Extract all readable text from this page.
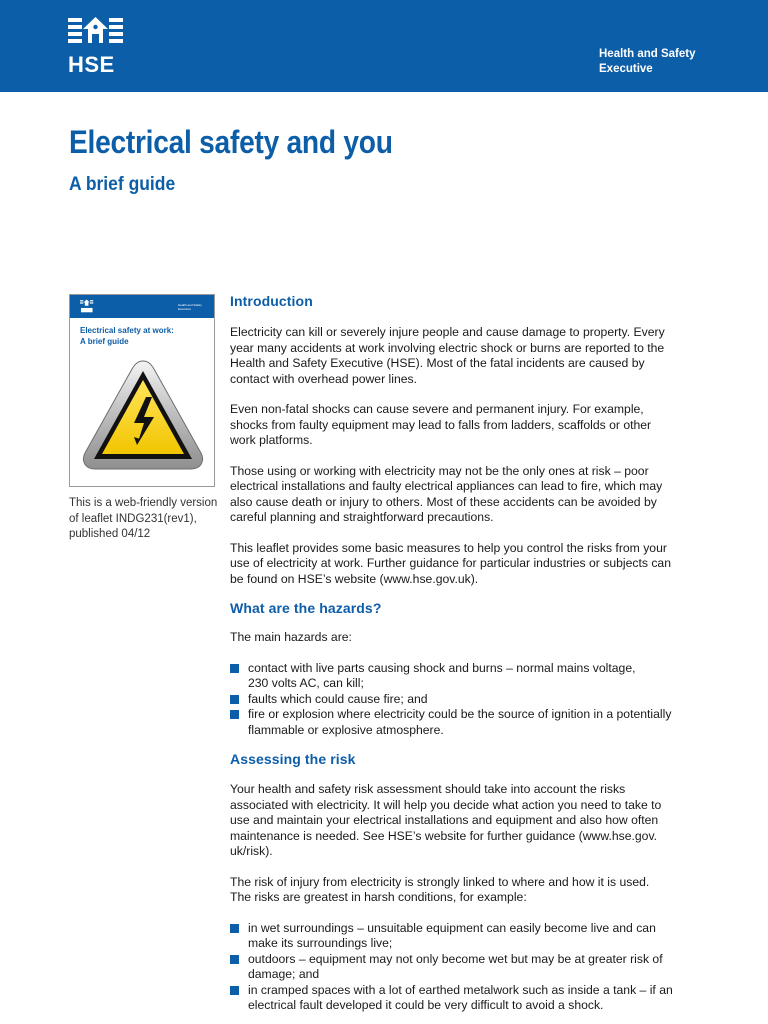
HSE	Health and Safety
Executive
Electrical safety and you
A brief guide
Health and Safety
Executive
Electrical safety at work:
A brief guide
This is a web-friendly version
of leaflet INDG231(rev1),
published 04/12
Introduction

Electricity can kill or severely injure people and cause damage to property. Every
year many accidents at work involving electric shock or burns are reported to the
Health and Safety Executive (HSE). Most of the fatal incidents are caused by
contact with overhead power lines.

Even non-fatal shocks can cause severe and permanent injury. For example,
shocks from faulty equipment may lead to falls from ladders, scaffolds or other
work platforms.

Those using or working with electricity may not be the only ones at risk – poor
electrical installations and faulty electrical appliances can lead to fire, which may
also cause death or injury to others. Most of these accidents can be avoided by
careful planning and straightforward precautions.

This leaflet provides some basic measures to help you control the risks from your
use of electricity at work. Further guidance for particular industries or subjects can
be found on HSE’s website (www.hse.gov.uk).

What are the hazards?

The main hazards are:

contact with live parts causing shock and burns – normal mains voltage,
230 volts AC, can kill;
faults which could cause fire; and
fire or explosion where electricity could be the source of ignition in a potentially
flammable or explosive atmosphere.
Assessing the risk

Your health and safety risk assessment should take into account the risks
associated with electricity. It will help you decide what action you need to take to
use and maintain your electrical installations and equipment and also how often
maintenance is needed. See HSE’s website for further guidance (www.hse.gov.
uk/risk).

The risk of injury from electricity is strongly linked to where and how it is used.
The risks are greatest in harsh conditions, for example:

in wet surroundings – unsuitable equipment can easily become live and can
make its surroundings live;
outdoors – equipment may not only become wet but may be at greater risk of
damage; and
in cramped spaces with a lot of earthed metalwork such as inside a tank – if an
electrical fault developed it could be very difficult to avoid a shock.
